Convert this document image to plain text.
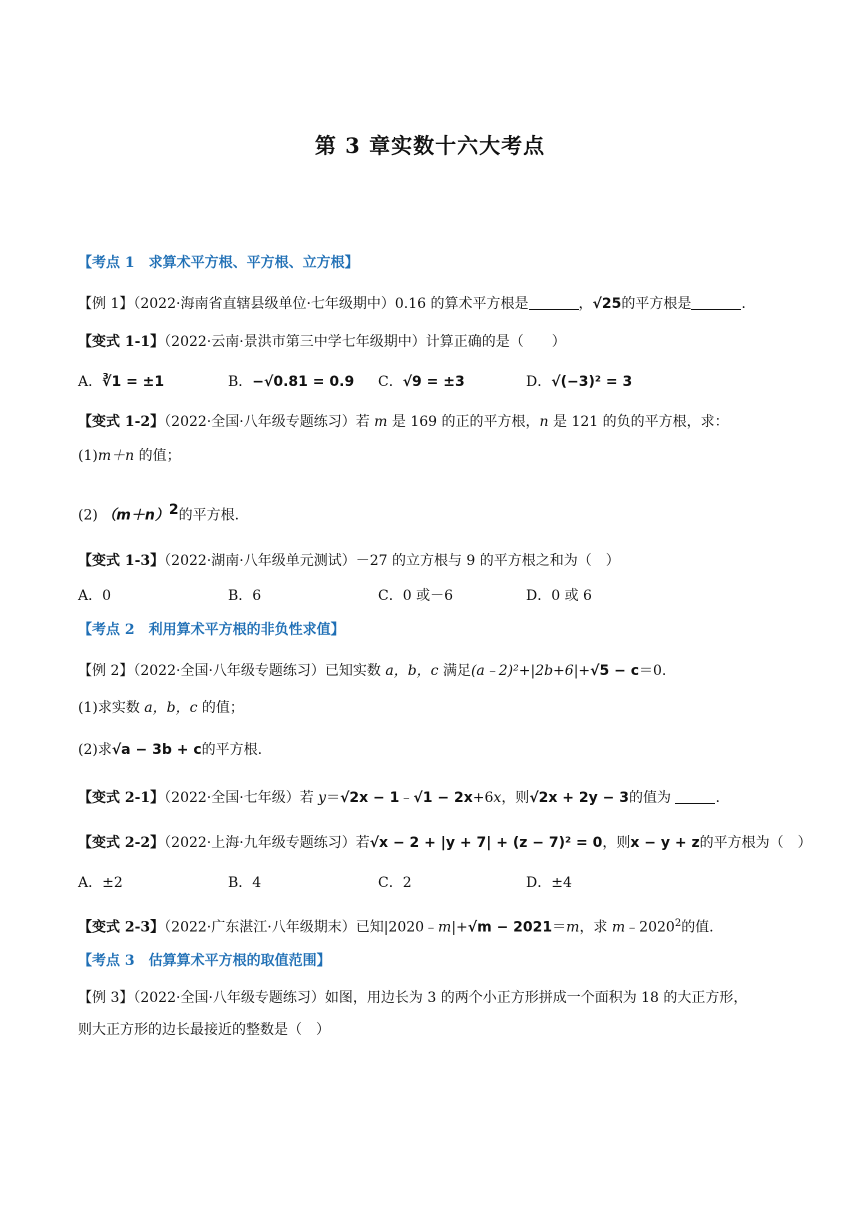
第 3 章实数十六大考点
【考点 1　求算术平方根、平方根、立方根】
【例 1】（2022·海南省直辖县级单位·七年级期中）0.16 的算术平方根是	，√25的平方根是	.
【变式 1-1】（2022·云南·景洪市第三中学七年级期中）计算正确的是（　　）
A．∛1 = ±1	B．−√0.81 = 0.9 C．√9 = ±3	D．√(−3)² = 3
【变式 1-2】（2022·全国·八年级专题练习）若 m 是 169 的正的平方根，n 是 121 的负的平方根，求：
(1)m＋n 的值；
(2) $(m+n)^2$的平方根.
【变式 1-3】（2022·湖南·八年级单元测试）－27 的立方根与 9 的平方根之和为（　）
A．0	B．6	C．0 或－6	D．0 或 6
【考点 2　利用算术平方根的非负性求值】
【例 2】（2022·全国·八年级专题练习）已知实数 a，b，c 满足(a﹣2)²+|2b+6|+√5 − c＝0.
(1)求实数 a，b，c 的值；
(2)求√a − 3b + c的平方根.
【变式 2-1】（2022·全国·七年级）若 y＝√2x − 1﹣√1 − 2x+6x，则√2x + 2y − 3的值为	.
【变式 2-2】（2022·上海·九年级专题练习）若√x − 2 + |y + 7| + (z − 7)² = 0，则x − y + z的平方根为（　）
A．±2	B．4	C．2	D．±4
【变式 2-3】（2022·广东湛江·八年级期末）已知|2020﹣m|+√m − 2021＝m，求 m﹣2020$^2$的值.
【考点 3　估算算术平方根的取值范围】
【例 3】（2022·全国·八年级专题练习）如图，用边长为 3 的两个小正方形拼成一个面积为 18 的大正方形，
则大正方形的边长最接近的整数是（　）
